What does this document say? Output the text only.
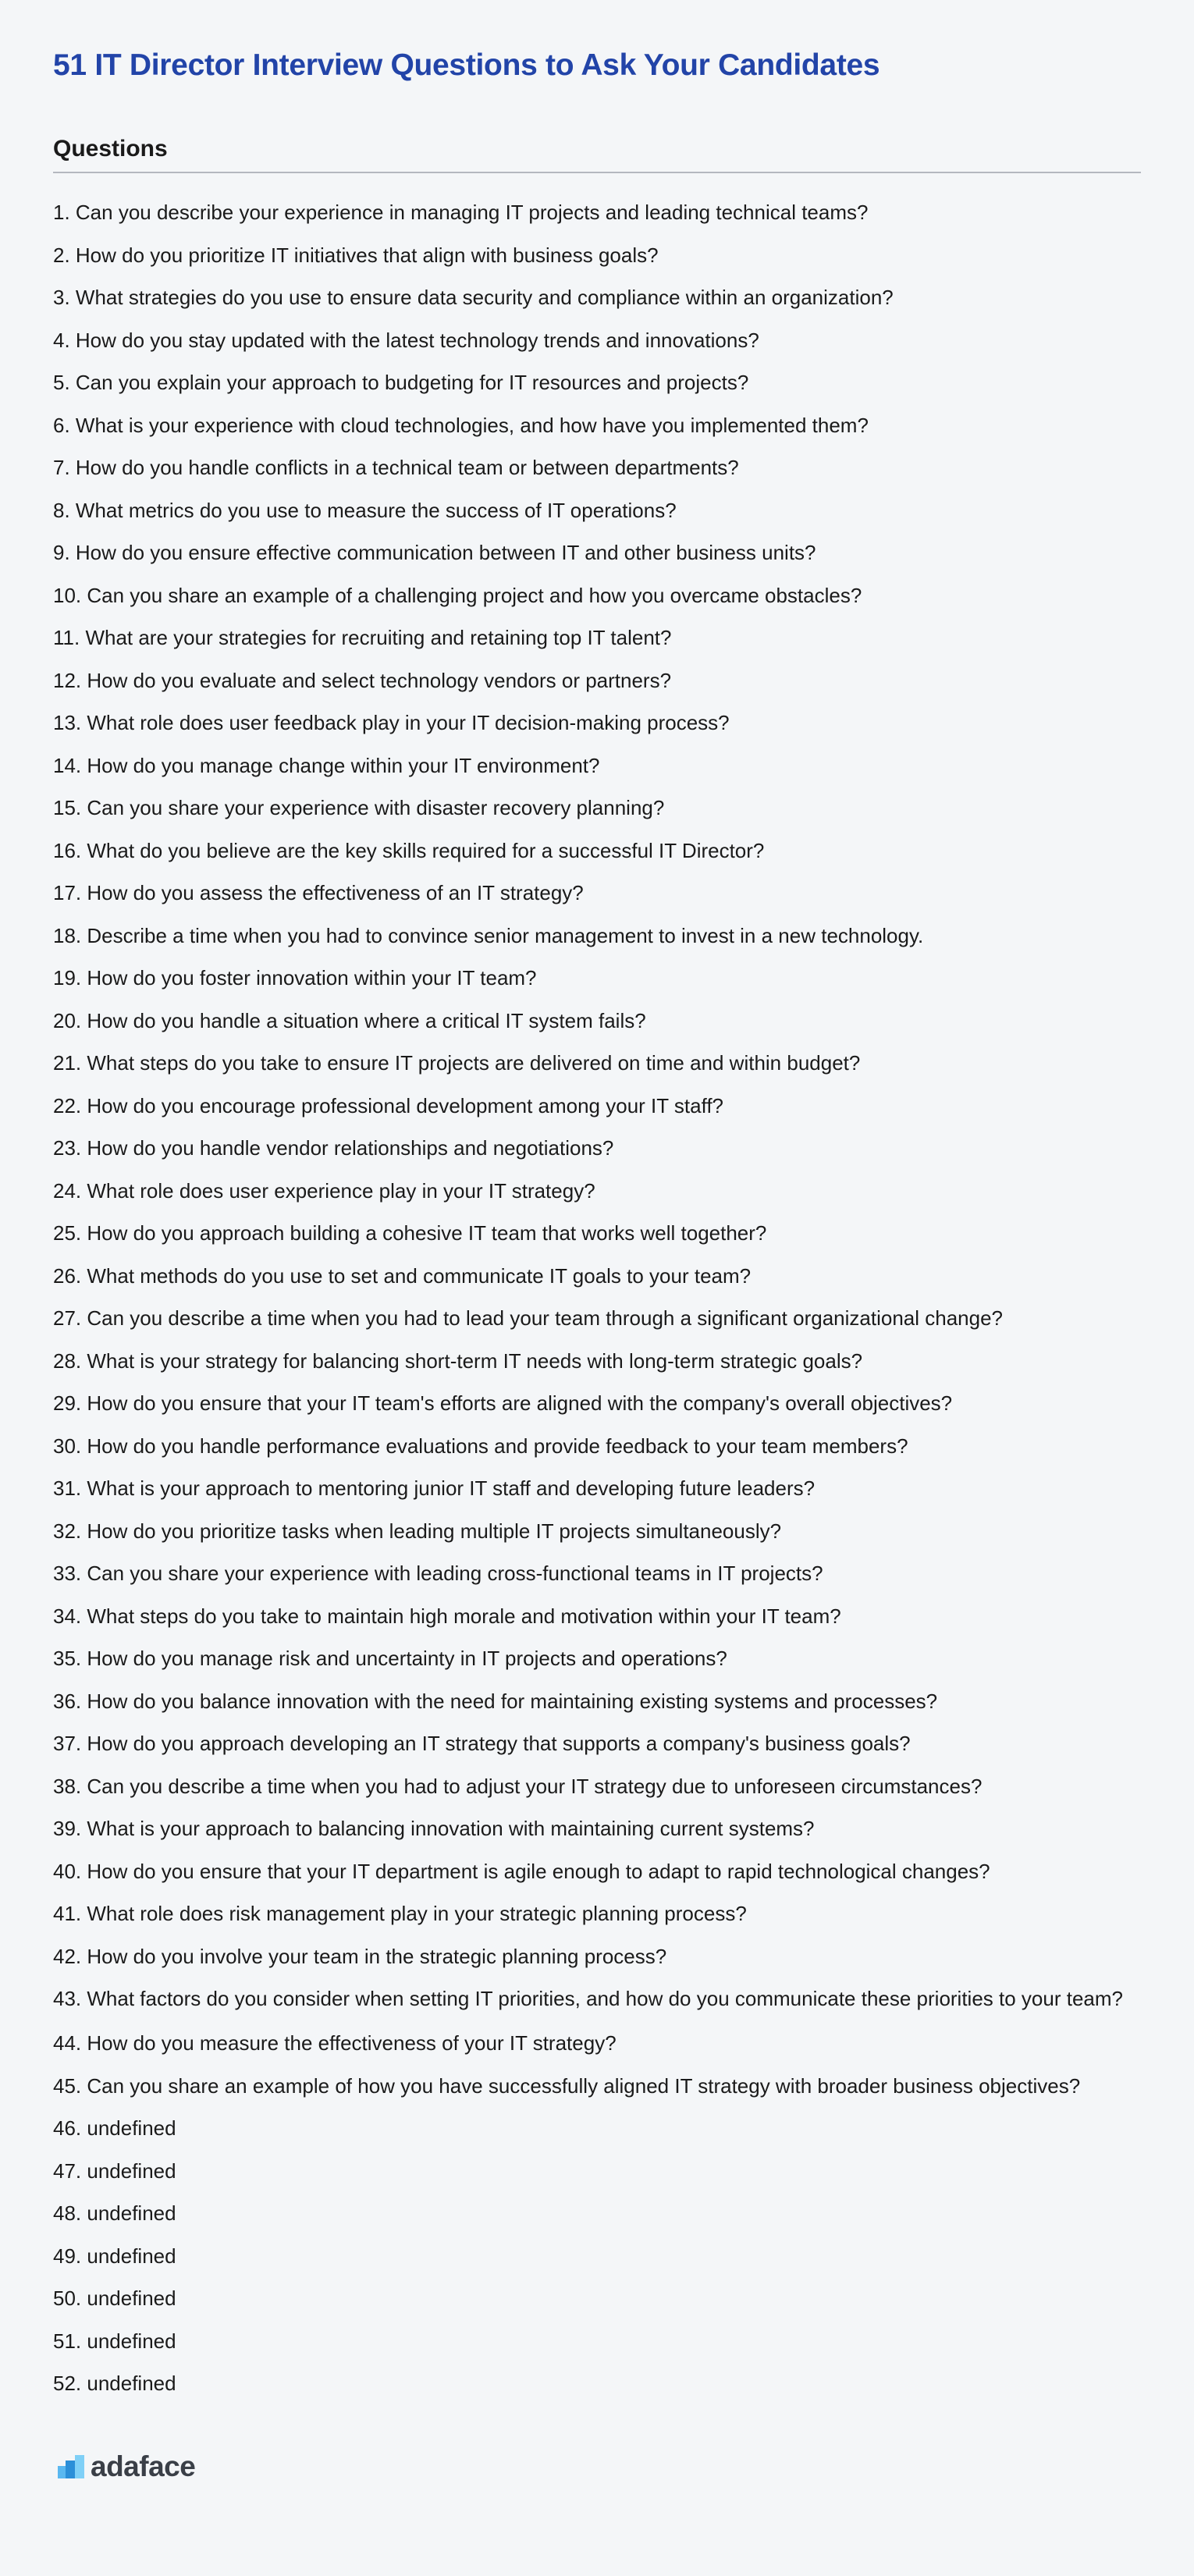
51 IT Director Interview Questions to Ask Your Candidates
Questions
1. Can you describe your experience in managing IT projects and leading technical teams?
2. How do you prioritize IT initiatives that align with business goals?
3. What strategies do you use to ensure data security and compliance within an organization?
4. How do you stay updated with the latest technology trends and innovations?
5. Can you explain your approach to budgeting for IT resources and projects?
6. What is your experience with cloud technologies, and how have you implemented them?
7. How do you handle conflicts in a technical team or between departments?
8. What metrics do you use to measure the success of IT operations?
9. How do you ensure effective communication between IT and other business units?
10. Can you share an example of a challenging project and how you overcame obstacles?
11. What are your strategies for recruiting and retaining top IT talent?
12. How do you evaluate and select technology vendors or partners?
13. What role does user feedback play in your IT decision-making process?
14. How do you manage change within your IT environment?
15. Can you share your experience with disaster recovery planning?
16. What do you believe are the key skills required for a successful IT Director?
17. How do you assess the effectiveness of an IT strategy?
18. Describe a time when you had to convince senior management to invest in a new technology.
19. How do you foster innovation within your IT team?
20. How do you handle a situation where a critical IT system fails?
21. What steps do you take to ensure IT projects are delivered on time and within budget?
22. How do you encourage professional development among your IT staff?
23. How do you handle vendor relationships and negotiations?
24. What role does user experience play in your IT strategy?
25. How do you approach building a cohesive IT team that works well together?
26. What methods do you use to set and communicate IT goals to your team?
27. Can you describe a time when you had to lead your team through a significant organizational change?
28. What is your strategy for balancing short-term IT needs with long-term strategic goals?
29. How do you ensure that your IT team's efforts are aligned with the company's overall objectives?
30. How do you handle performance evaluations and provide feedback to your team members?
31. What is your approach to mentoring junior IT staff and developing future leaders?
32. How do you prioritize tasks when leading multiple IT projects simultaneously?
33. Can you share your experience with leading cross-functional teams in IT projects?
34. What steps do you take to maintain high morale and motivation within your IT team?
35. How do you manage risk and uncertainty in IT projects and operations?
36. How do you balance innovation with the need for maintaining existing systems and processes?
37. How do you approach developing an IT strategy that supports a company's business goals?
38. Can you describe a time when you had to adjust your IT strategy due to unforeseen circumstances?
39. What is your approach to balancing innovation with maintaining current systems?
40. How do you ensure that your IT department is agile enough to adapt to rapid technological changes?
41. What role does risk management play in your strategic planning process?
42. How do you involve your team in the strategic planning process?
43. What factors do you consider when setting IT priorities, and how do you communicate these priorities to your team?
44. How do you measure the effectiveness of your IT strategy?
45. Can you share an example of how you have successfully aligned IT strategy with broader business objectives?
46. undefined
47. undefined
48. undefined
49. undefined
50. undefined
51. undefined
52. undefined
adaface
